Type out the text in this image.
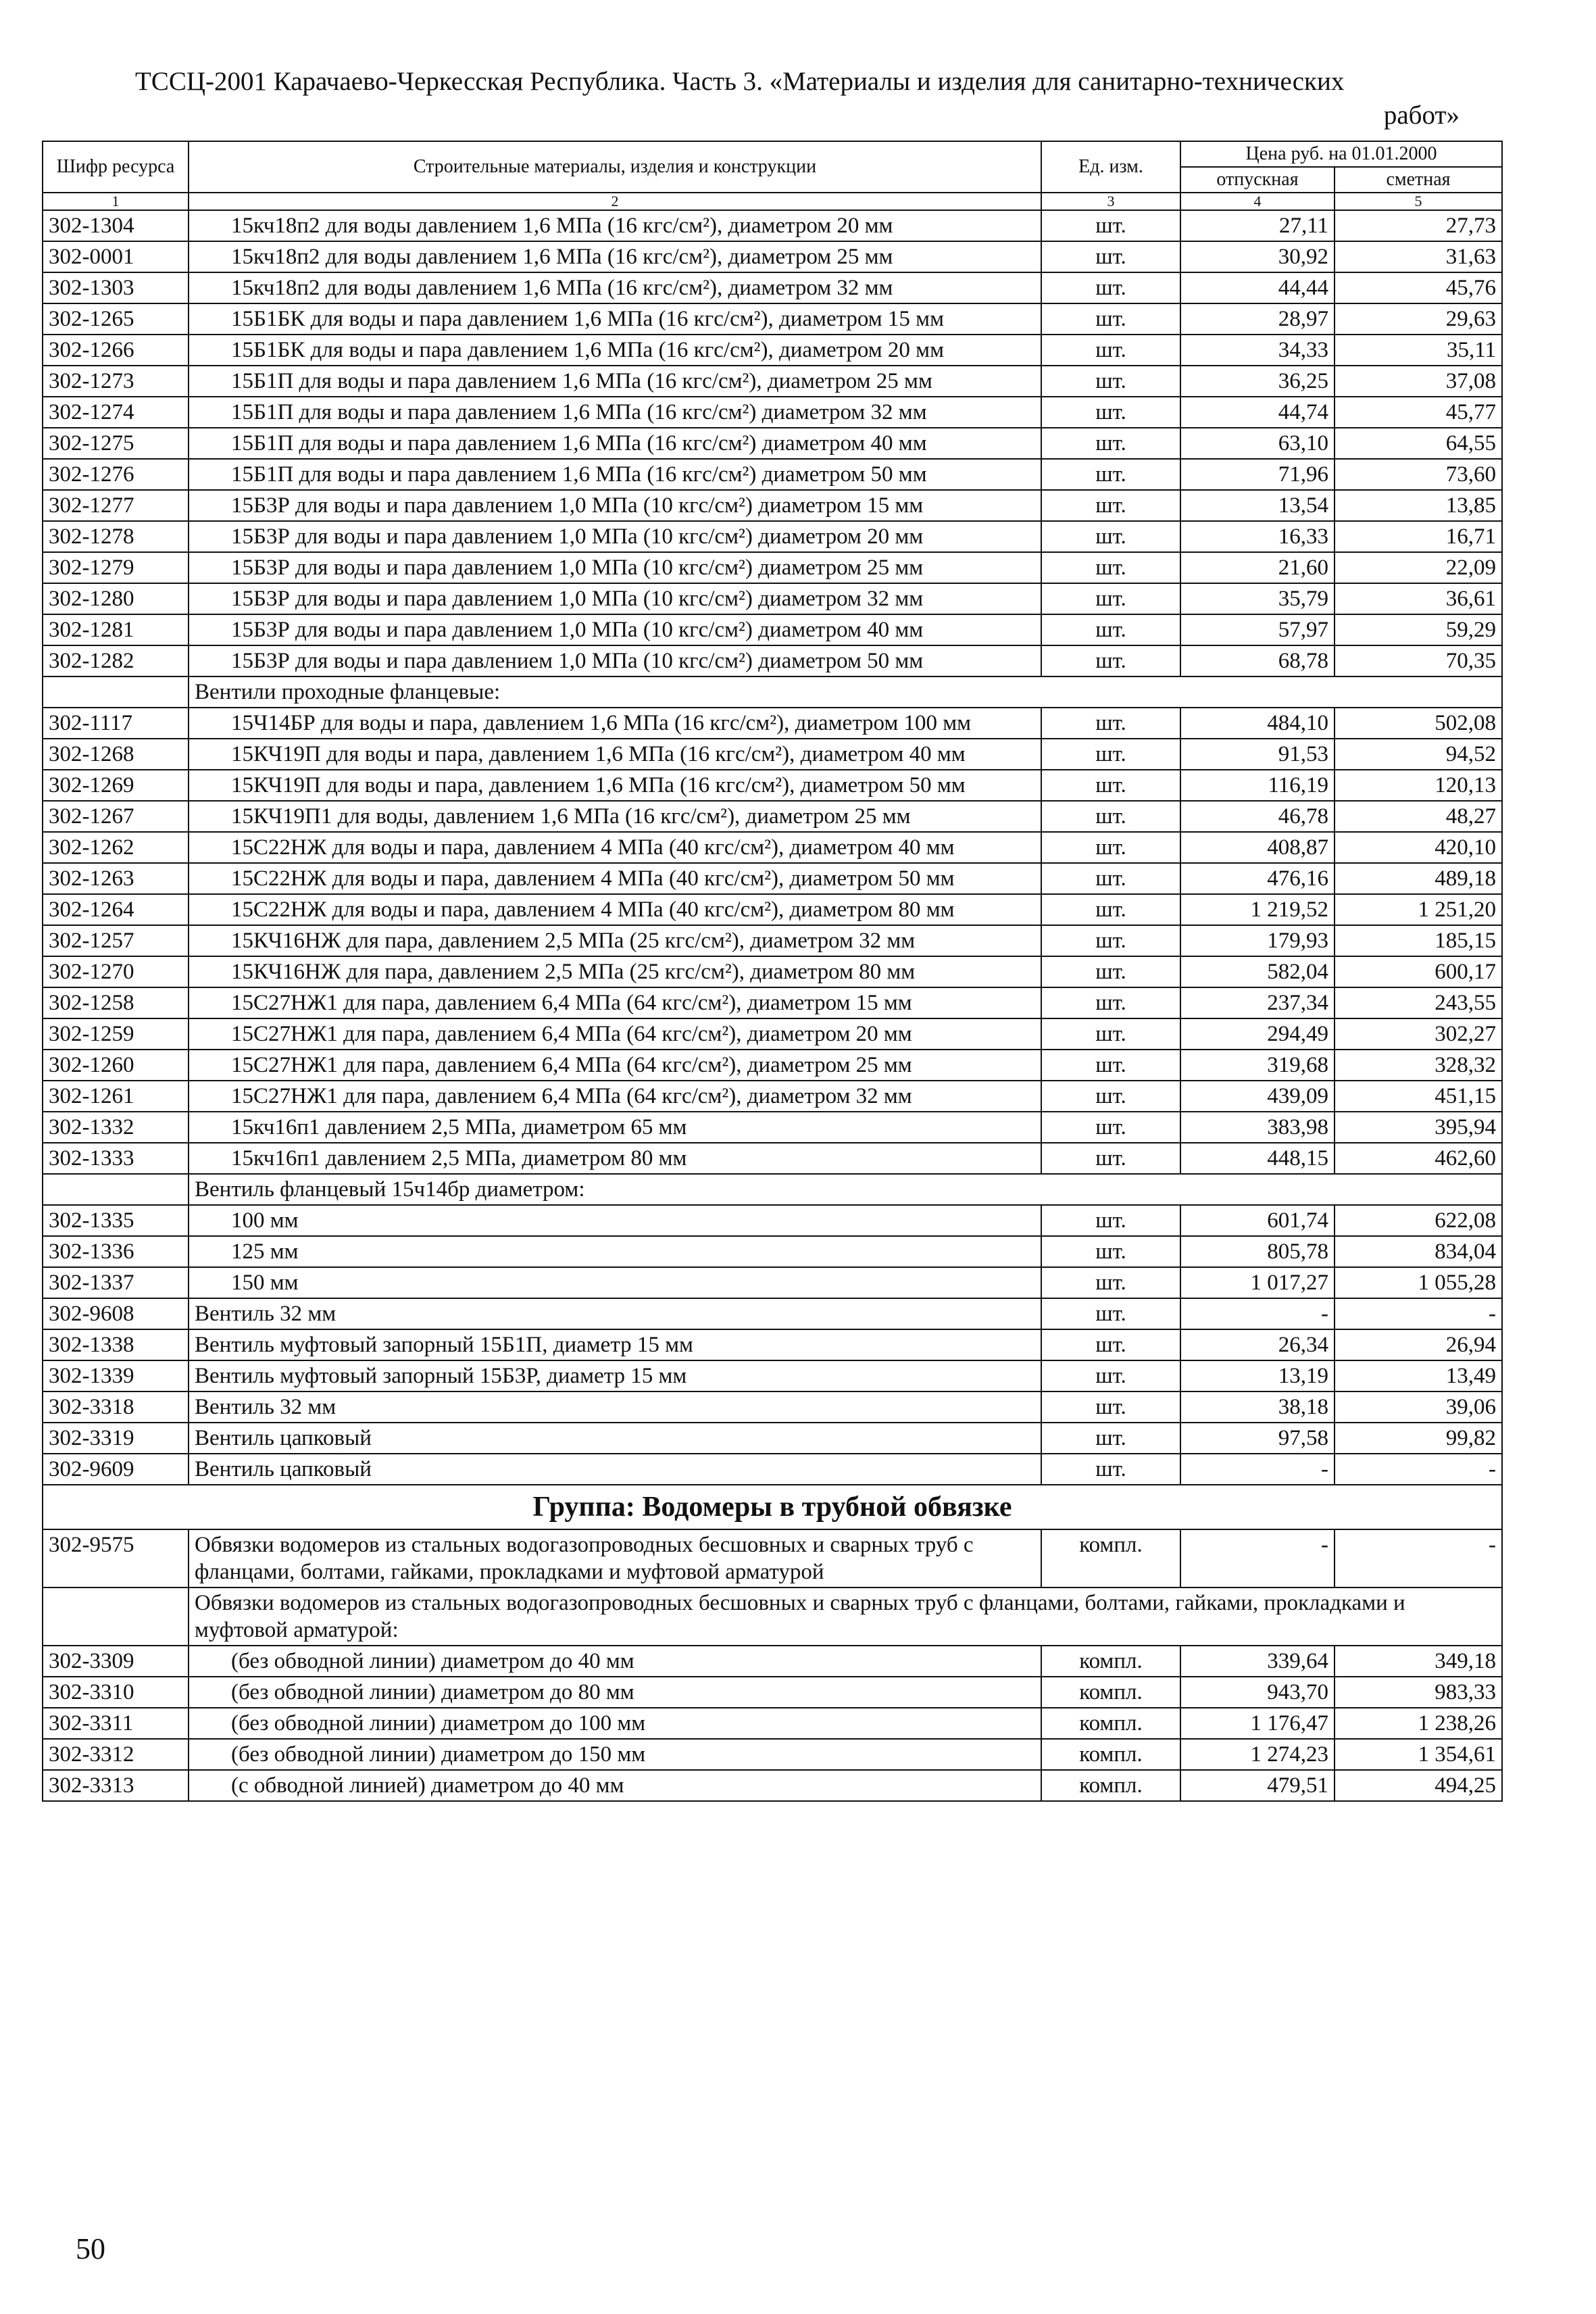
ТССЦ-2001 Карачаево-Черкесская Республика. Часть 3. «Материалы и изделия для санитарно-технических
работ»
Шифр ресурса	Строительные материалы, изделия и конструкции	Ед. изм.	Цена руб. на 01.01.2000	
			отпускная	сметная
1	2	3	4	5
302-1304	15кч18п2 для воды давлением 1,6 МПа (16 кгс/см²), диаметром 20 мм	шт.	27,11	27,73
302-0001	15кч18п2 для воды давлением 1,6 МПа (16 кгс/см²), диаметром 25 мм	шт.	30,92	31,63
302-1303	15кч18п2 для воды давлением 1,6 МПа (16 кгс/см²), диаметром 32 мм	шт.	44,44	45,76
302-1265	15Б1БК для воды и пара давлением 1,6 МПа (16 кгс/см²), диаметром 15 мм	шт.	28,97	29,63
302-1266	15Б1БК для воды и пара давлением 1,6 МПа (16 кгс/см²), диаметром 20 мм	шт.	34,33	35,11
302-1273	15Б1П для воды и пара давлением 1,6 МПа (16 кгс/см²), диаметром 25 мм	шт.	36,25	37,08
302-1274	15Б1П для воды и пара давлением 1,6 МПа (16 кгс/см²) диаметром 32 мм	шт.	44,74	45,77
302-1275	15Б1П для воды и пара давлением 1,6 МПа (16 кгс/см²) диаметром 40 мм	шт.	63,10	64,55
302-1276	15Б1П для воды и пара давлением 1,6 МПа (16 кгс/см²) диаметром 50 мм	шт.	71,96	73,60
302-1277	15Б3Р для воды и пара давлением 1,0 МПа (10 кгс/см²) диаметром 15 мм	шт.	13,54	13,85
302-1278	15Б3Р для воды и пара давлением 1,0 МПа (10 кгс/см²) диаметром 20 мм	шт.	16,33	16,71
302-1279	15Б3Р для воды и пара давлением 1,0 МПа (10 кгс/см²) диаметром 25 мм	шт.	21,60	22,09
302-1280	15Б3Р для воды и пара давлением 1,0 МПа (10 кгс/см²) диаметром 32 мм	шт.	35,79	36,61
302-1281	15Б3Р для воды и пара давлением 1,0 МПа (10 кгс/см²) диаметром 40 мм	шт.	57,97	59,29
302-1282	15Б3Р для воды и пара давлением 1,0 МПа (10 кгс/см²) диаметром 50 мм	шт.	68,78	70,35
	Вентили проходные фланцевые:			
302-1117	15Ч14БР для воды и пара, давлением 1,6 МПа (16 кгс/см²), диаметром 100 мм	шт.	484,10	502,08
302-1268	15КЧ19П для воды и пара, давлением 1,6 МПа (16 кгс/см²), диаметром 40 мм	шт.	91,53	94,52
302-1269	15КЧ19П для воды и пара, давлением 1,6 МПа (16 кгс/см²), диаметром 50 мм	шт.	116,19	120,13
302-1267	15КЧ19П1 для воды, давлением 1,6 МПа (16 кгс/см²), диаметром 25 мм	шт.	46,78	48,27
302-1262	15С22НЖ для воды и пара, давлением 4 МПа (40 кгс/см²), диаметром 40 мм	шт.	408,87	420,10
302-1263	15С22НЖ для воды и пара, давлением 4 МПа (40 кгс/см²), диаметром 50 мм	шт.	476,16	489,18
302-1264	15С22НЖ для воды и пара, давлением 4 МПа (40 кгс/см²), диаметром 80 мм	шт.	1 219,52	1 251,20
302-1257	15КЧ16НЖ для пара, давлением 2,5 МПа (25 кгс/см²), диаметром 32 мм	шт.	179,93	185,15
302-1270	15КЧ16НЖ для пара, давлением 2,5 МПа (25 кгс/см²), диаметром 80 мм	шт.	582,04	600,17
302-1258	15С27НЖ1 для пара, давлением 6,4 МПа (64 кгс/см²), диаметром 15 мм	шт.	237,34	243,55
302-1259	15С27НЖ1 для пара, давлением 6,4 МПа (64 кгс/см²), диаметром 20 мм	шт.	294,49	302,27
302-1260	15С27НЖ1 для пара, давлением 6,4 МПа (64 кгс/см²), диаметром 25 мм	шт.	319,68	328,32
302-1261	15С27НЖ1 для пара, давлением 6,4 МПа (64 кгс/см²), диаметром 32 мм	шт.	439,09	451,15
302-1332	15кч16п1 давлением 2,5 МПа, диаметром 65 мм	шт.	383,98	395,94
302-1333	15кч16п1 давлением 2,5 МПа, диаметром 80 мм	шт.	448,15	462,60
	Вентиль фланцевый 15ч14бр диаметром:			
302-1335	100 мм	шт.	601,74	622,08
302-1336	125 мм	шт.	805,78	834,04
302-1337	150 мм	шт.	1 017,27	1 055,28
302-9608	Вентиль 32 мм	шт.	-	-
302-1338	Вентиль муфтовый запорный 15Б1П, диаметр 15 мм	шт.	26,34	26,94
302-1339	Вентиль муфтовый запорный 15Б3Р, диаметр 15 мм	шт.	13,19	13,49
302-3318	Вентиль 32 мм	шт.	38,18	39,06
302-3319	Вентиль цапковый	шт.	97,58	99,82
302-9609	Вентиль цапковый	шт.	-	-
Группа: Водомеры в трубной обвязке				
302-9575	Обвязки водомеров из стальных водогазопроводных бесшовных и сварных труб с фланцами, болтами, гайками, прокладками и муфтовой арматурой	компл.	-	-
	Обвязки водомеров из стальных водогазопроводных бесшовных и сварных труб с фланцами, болтами, гайками, прокладками и муфтовой арматурой:			
302-3309	(без обводной линии) диаметром до 40 мм	компл.	339,64	349,18
302-3310	(без обводной линии) диаметром до 80 мм	компл.	943,70	983,33
302-3311	(без обводной линии) диаметром до 100 мм	компл.	1 176,47	1 238,26
302-3312	(без обводной линии) диаметром до 150 мм	компл.	1 274,23	1 354,61
302-3313	(с обводной линией) диаметром до 40 мм	компл.	479,51	494,25
50
